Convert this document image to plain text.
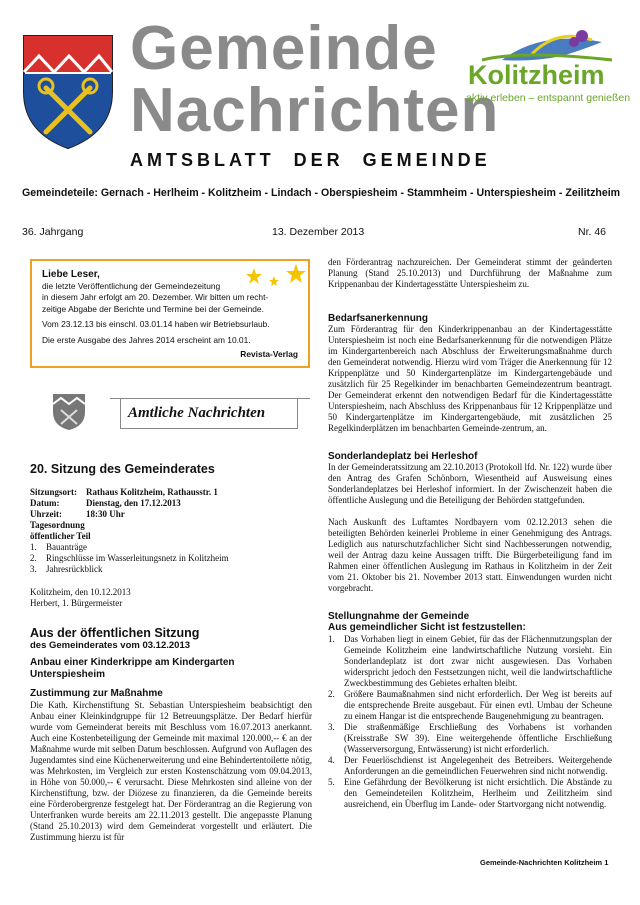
Gemeinde
Nachrichten
AMTSBLATT DER GEMEINDE
Kolitzheim
aktiv erleben – entspannt genießen
Gemeindeteile: Gernach - Herlheim - Kolitzheim - Lindach - Oberspiesheim - Stammheim - Unterspiesheim - Zeilitzheim
36. Jahrgang	13. Dezember 2013	Nr. 46

Liebe Leser,

die letzte Veröffentlichung der Gemeindezeitung

in diesem Jahr erfolgt am 20. Dezember. Wir bitten um recht-

zeitige Abgabe der Berichte und Termine bei der Gemeinde.

Vom 23.12.13 bis einschl. 03.01.14 haben wir Betriebsurlaub.

Die erste Ausgabe des Jahres 2014 erscheint am 10.01.

Revista-Verlag

Amtliche Nachrichten
20. Sitzung des Gemeinderates
Sitzungsort:	Rathaus Kolitzheim, Rathausstr. 1
Datum:	Dienstag, den 17.12.2013
Uhrzeit:	18:30 Uhr
Tagesordnung
öffentlicher Teil
1.	Bauanträge
2.	Ringschlüsse im Wasserleitungsnetz in Kolitzheim
3.	Jahresrückblick
Kolitzheim, den 10.12.2013
Herbert, 1. Bürgermeister
Aus der öffentlichen Sitzung
des Gemeinderates vom 03.12.2013
Anbau einer Kinderkrippe am Kindergarten Unterspiesheim
Zustimmung zur Maßnahme
Die Kath. Kirchenstiftung St. Sebastian Unterspiesheim beabsichtigt den Anbau einer Kleinkindgruppe für 12 Betreuungsplätze. Der Bedarf hierfür wurde vom Gemeinderat bereits mit Beschluss vom 16.07.2013 anerkannt. Auch eine Kostenbeteiligung der Gemeinde mit maximal 120.000,-- € an der Maßnahme wurde mit selben Datum beschlossen. Aufgrund von Auflagen des Jugendamtes sind eine Küchenerweiterung und eine Behindertentoilette nötig, was Mehrkosten, im Vergleich zur ersten Kostenschätzung vom 09.04.2013, in Höhe von 50.000,-- € verursacht. Diese Mehrkosten sind alleine von der Kirchenstiftung, bzw. der Diözese zu finanzieren, da die Gemeinde bereits eine Förderobergrenze festgelegt hat. Der Förderantrag an die Regierung von Unterfranken wurde bereits am 22.11.2013 gestellt. Die angepasste Planung (Stand 25.10.2013) wird dem Gemeinderat vorgestellt und erläutert. Die Zustimmung hierzu ist für
den Förderantrag nachzureichen. Der Gemeinderat stimmt der geänderten Planung (Stand 25.10.2013) und Durchführung der Maßnahme zum Krippenanbau der Kindertagesstätte Unterspiesheim zu.
Bedarfsanerkennung
Zum Förderantrag für den Kinderkrippenanbau an der Kindertagesstätte Unterspiesheim ist noch eine Bedarfsanerkennung für die notwendigen Plätze im Kindergartenbereich nach Abschluss der Erweiterungsmaßnahme durch den Gemeinderat notwendig. Hierzu wird vom Träger die Anerkennung für 12 Krippenplätze und 50 Kindergartenplätze im Kindergartengebäude und zusätzlich für 25 Regelkinder im benachbarten Gemeindezentrum beantragt. Der Gemeinderat erkennt den notwendigen Bedarf für die Kindertagesstätte Unterspiesheim, nach Abschluss des Krippenanbaus für 12 Krippenplätze und 50 Kindergartenplätze im Kindergartengebäude, mit zusätzlichen 25 Regelkinderplätzen im benachbarten Gemeinde-zentrum, an.
Sonderlandeplatz bei Herleshof

In der Gemeinderatssitzung am 22.10.2013 (Protokoll lfd. Nr. 122) wurde über den Antrag des Grafen Schönborn, Wiesentheid auf Ausweisung eines Sonderlandeplatzes bei Herleshof informiert. In der Zwischenzeit haben die öffentliche Auslegung und die Beteiligung der Behörden stattgefunden.

Nach Auskunft des Luftamtes Nordbayern vom 02.12.2013 sehen die beteiligten Behörden keinerlei Probleme in einer Genehmigung des Antrags. Lediglich aus naturschutzfachlicher Sicht sind Nachbesserungen notwendig, weil der Antrag dazu keine Aussagen trifft. Die Bürgerbeteiligung fand im Rahmen einer öffentlichen Auslegung im Rathaus in Kolitzheim in der Zeit vom 21. Oktober bis 21. November 2013 statt. Einwendungen wurden nicht vorgebracht.

Stellungnahme der Gemeinde
Aus gemeindlicher Sicht ist festzustellen:
1.	Das Vorhaben liegt in einem Gebiet, für das der Flächennutzungsplan der Gemeinde Kolitzheim eine landwirtschaftliche Nutzung vorsieht. Ein Sonderlandeplatz ist dort zwar nicht ausgewiesen. Das Vorhaben widerspricht jedoch den Festsetzungen nicht, weil die landwirtschaftliche Zweckbestimmung des Gebietes erhalten bleibt.
2.	Größere Baumaßnahmen sind nicht erforderlich. Der Weg ist bereits auf die entsprechende Breite ausgebaut. Für einen evtl. Umbau der Scheune zu einem Hangar ist die entsprechende Baugenehmigung zu beantragen.
3.	Die straßenmäßige Erschließung des Vorhabens ist vorhanden (Kreisstraße SW 39). Eine weitergehende öffentliche Erschließung (Wasserversorgung, Entwässerung) ist nicht erforderlich.
4.	Der Feuerlöschdienst ist Angelegenheit des Betreibers. Weitergehende Anforderungen an die gemeindlichen Feuerwehren sind nicht notwendig.
5.	Eine Gefährdung der Bevölkerung ist nicht ersichtlich. Die Abstände zu den Gemeindeteilen Kolitzheim, Herlheim und Zeilitzheim sind ausreichend, ein Überflug im Lande- oder Startvorgang nicht notwendig.
Gemeinde-Nachrichten Kolitzheim 1
